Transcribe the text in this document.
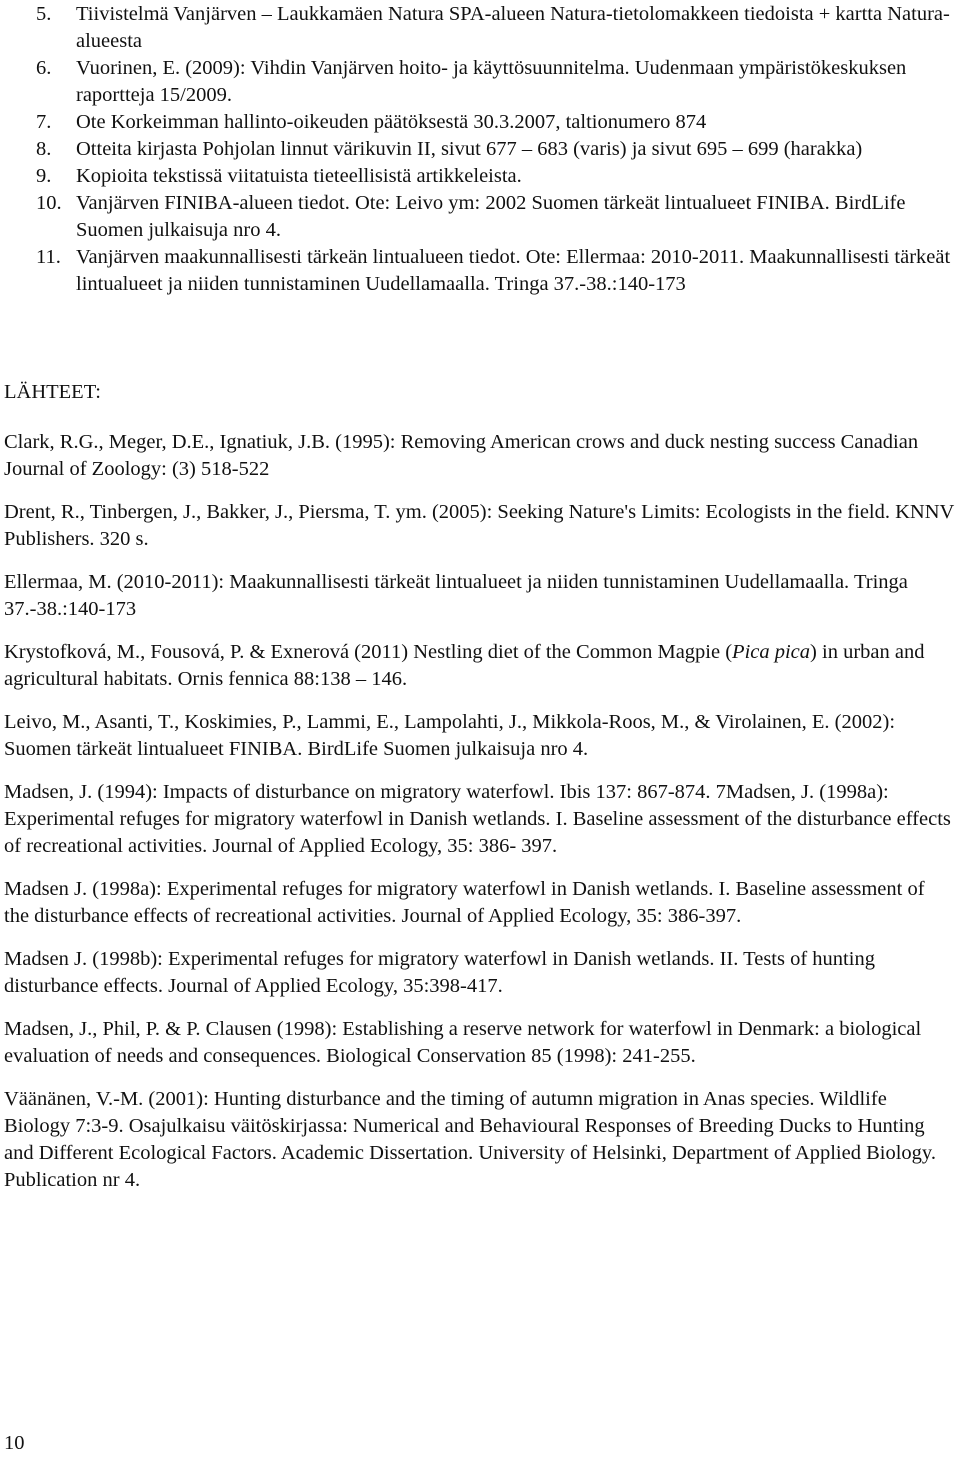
5. Tiivistelmä Vanjärven – Laukkamäen Natura SPA-alueen Natura-tietolomakkeen tiedoista + kartta Natura-alueesta
6. Vuorinen, E. (2009): Vihdin Vanjärven hoito- ja käyttösuunnitelma. Uudenmaan ympäristökeskuksen raportteja 15/2009.
7. Ote Korkeimman hallinto-oikeuden päätöksestä 30.3.2007, taltionumero 874
8. Otteita kirjasta Pohjolan linnut värikuvin II, sivut 677 – 683 (varis) ja sivut 695 – 699 (harakka)
9. Kopioita tekstissä viitatuista tieteellisistä artikkeleista.
10. Vanjärven FINIBA-alueen tiedot. Ote: Leivo ym: 2002 Suomen tärkeät lintualueet FINIBA. BirdLife Suomen julkaisuja nro 4.
11. Vanjärven maakunnallisesti tärkeän lintualueen tiedot. Ote: Ellermaa: 2010-2011. Maakunnallisesti tärkeät lintualueet ja niiden tunnistaminen Uudellamaalla. Tringa 37.-38.:140-173
LÄHTEET:
Clark, R.G., Meger, D.E., Ignatiuk, J.B. (1995): Removing American crows and duck nesting success Canadian Journal of Zoology: (3) 518-522
Drent, R., Tinbergen, J., Bakker, J., Piersma, T. ym. (2005): Seeking Nature's Limits: Ecologists in the field. KNNV Publishers. 320 s.
Ellermaa, M. (2010-2011): Maakunnallisesti tärkeät lintualueet ja niiden tunnistaminen Uudellamaalla. Tringa 37.-38.:140-173
Krystofková, M., Fousová, P. & Exnerová (2011) Nestling diet of the Common Magpie (Pica pica) in urban and agricultural habitats. Ornis fennica 88:138 – 146.
Leivo, M., Asanti, T., Koskimies, P., Lammi, E., Lampolahti, J., Mikkola-Roos, M., & Virolainen, E. (2002): Suomen tärkeät lintualueet FINIBA. BirdLife Suomen julkaisuja nro 4.
Madsen, J. (1994): Impacts of disturbance on migratory waterfowl. Ibis 137: 867-874. 7Madsen, J. (1998a): Experimental refuges for migratory waterfowl in Danish wetlands. I. Baseline assessment of the disturbance effects of recreational activities. Journal of Applied Ecology, 35: 386- 397.
Madsen J. (1998a): Experimental refuges for migratory waterfowl in Danish wetlands. I. Baseline assessment of the disturbance effects of recreational activities. Journal of Applied Ecology, 35: 386-397.
Madsen J. (1998b): Experimental refuges for migratory waterfowl in Danish wetlands. II. Tests of hunting disturbance effects. Journal of Applied Ecology, 35:398-417.
Madsen, J., Phil, P. & P. Clausen (1998): Establishing a reserve network for waterfowl in Denmark: a biological evaluation of needs and consequences. Biological Conservation 85 (1998): 241-255.
Väänänen, V.-M. (2001): Hunting disturbance and the timing of autumn migration in Anas species. Wildlife Biology 7:3-9. Osajulkaisu väitöskirjassa: Numerical and Behavioural Responses of Breeding Ducks to Hunting and Different Ecological Factors. Academic Dissertation. University of Helsinki, Department of Applied Biology. Publication nr 4.
10
